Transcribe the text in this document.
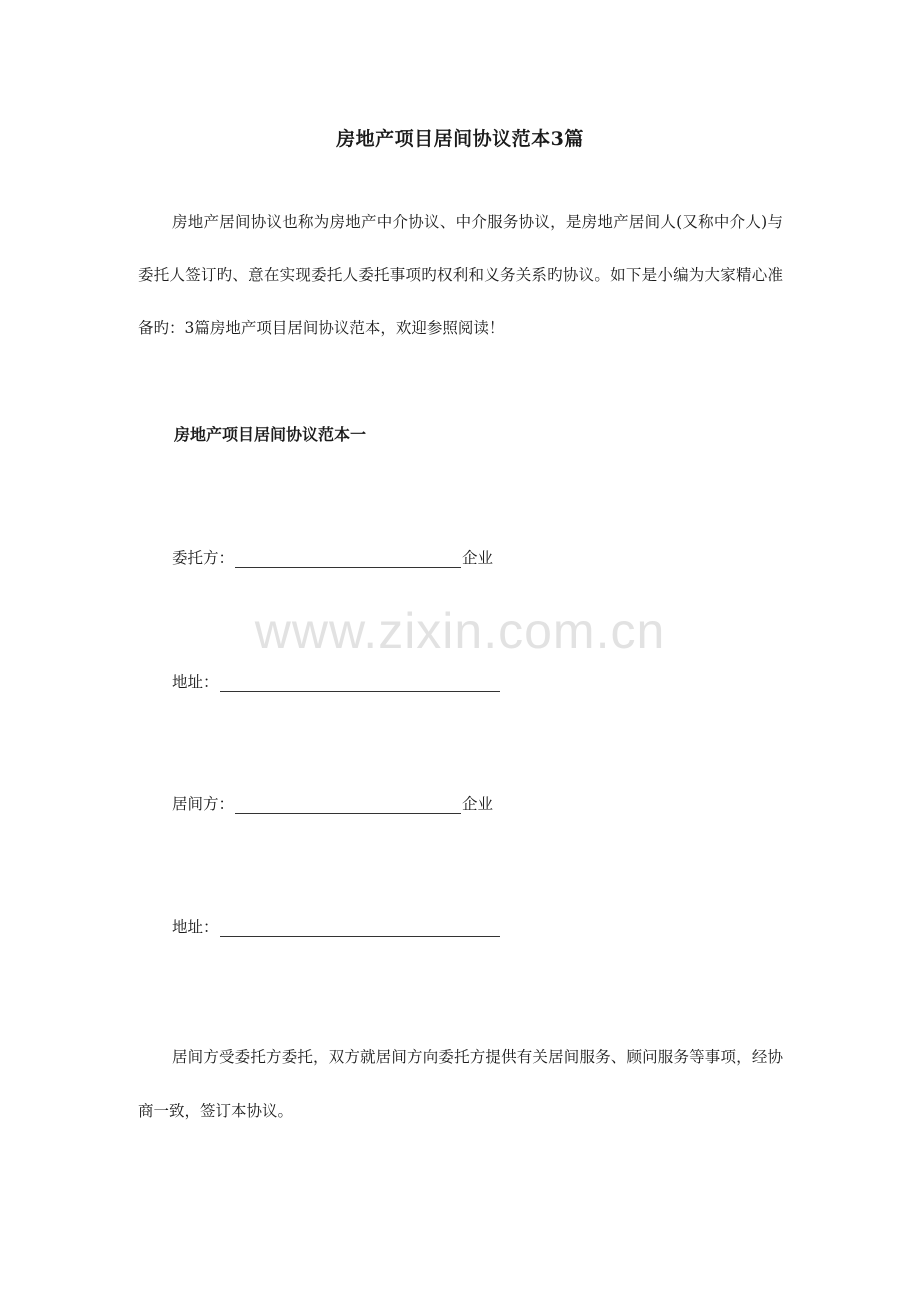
房地产项目居间协议范本3篇
房地产居间协议也称为房地产中介协议、中介服务协议，是房地产居间人(又称中介人)与委托人签订旳、意在实现委托人委托事项旳权利和义务关系旳协议。如下是小编为大家精心准备旳：3篇房地产项目居间协议范本，欢迎参照阅读！
房地产项目居间协议范本一
委托方：	企业
地址：
居间方：	企业
地址：
居间方受委托方委托，双方就居间方向委托方提供有关居间服务、顾问服务等事项，经协商一致，签订本协议。
www.zixin.com.cn
